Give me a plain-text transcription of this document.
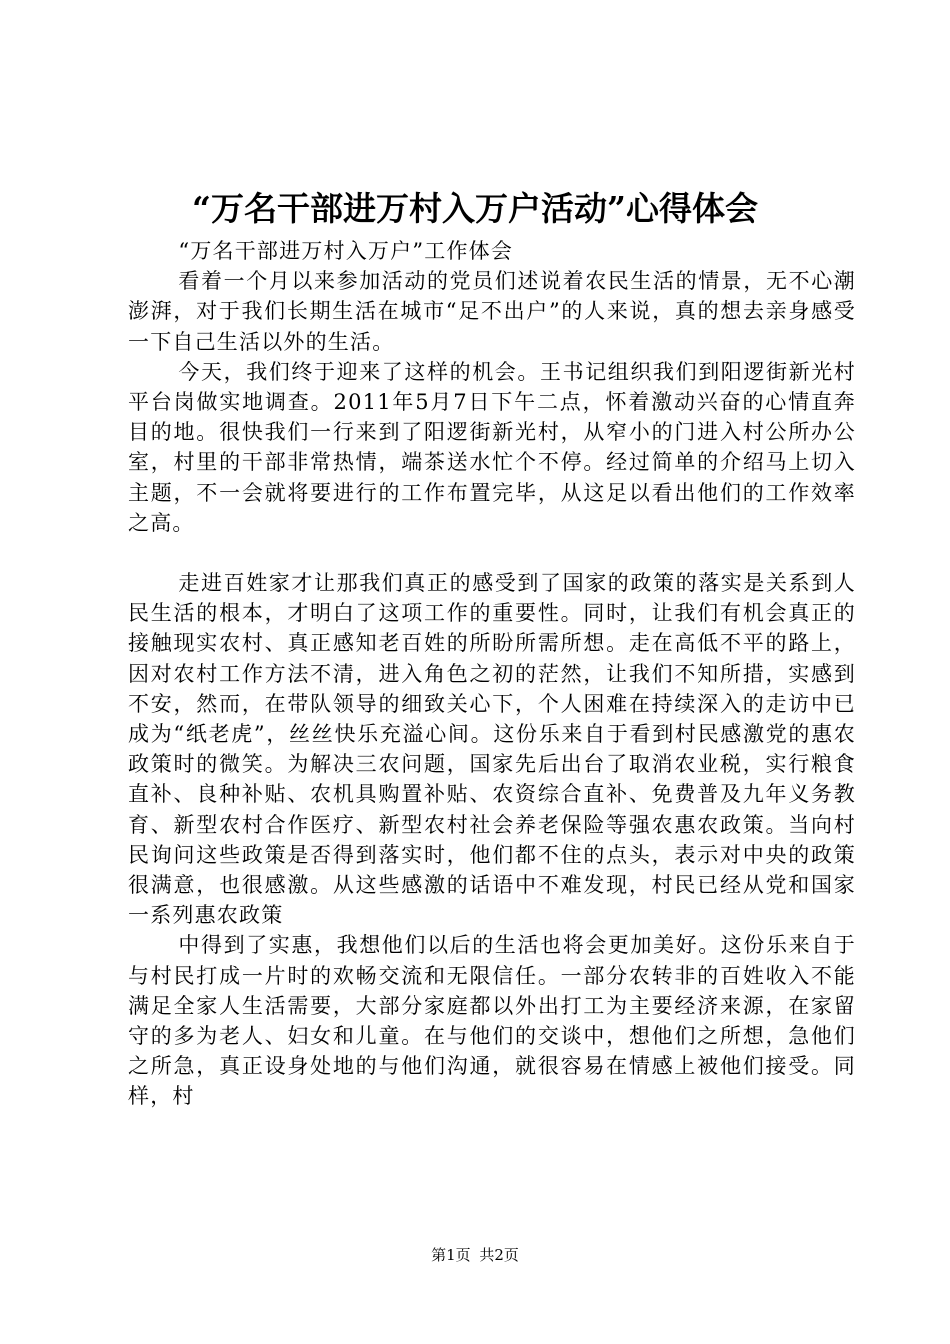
“万名干部进万村入万户活动”心得体会

“万名干部进万村入万户”工作体会

看着一个月以来参加活动的党员们述说着农民生活的情景，无不心潮澎湃，对于我们长期生活在城市“足不出户”的人来说，真的想去亲身感受一下自己生活以外的生活。

今天，我们终于迎来了这样的机会。王书记组织我们到阳逻街新光村平台岗做实地调查。2011年5月7日下午二点，怀着激动兴奋的心情直奔目的地。很快我们一行来到了阳逻街新光村，从窄小的门进入村公所办公室，村里的干部非常热情，端茶送水忙个不停。经过简单的介绍马上切入主题，不一会就将要进行的工作布置完毕，从这足以看出他们的工作效率之高。

走进百姓家才让那我们真正的感受到了国家的政策的落实是关系到人民生活的根本，才明白了这项工作的重要性。同时，让我们有机会真正的接触现实农村、真正感知老百姓的所盼所需所想。走在高低不平的路上，因对农村工作方法不清，进入角色之初的茫然，让我们不知所措，实感到不安，然而，在带队领导的细致关心下，个人困难在持续深入的走访中已成为“纸老虎”，丝丝快乐充溢心间。这份乐来自于看到村民感激党的惠农政策时的微笑。为解决三农问题，国家先后出台了取消农业税，实行粮食直补、良种补贴、农机具购置补贴、农资综合直补、免费普及九年义务教育、新型农村合作医疗、新型农村社会养老保险等强农惠农政策。当向村民询问这些政策是否得到落实时，他们都不住的点头，表示对中央的政策很满意，也很感激。从这些感激的话语中不难发现，村民已经从党和国家一系列惠农政策

中得到了实惠，我想他们以后的生活也将会更加美好。这份乐来自于与村民打成一片时的欢畅交流和无限信任。一部分农转非的百姓收入不能满足全家人生活需要，大部分家庭都以外出打工为主要经济来源，在家留守的多为老人、妇女和儿童。在与他们的交谈中，想他们之所想，急他们之所急，真正设身处地的与他们沟通，就很容易在情感上被他们接受。同样，村

第1页 共2页
